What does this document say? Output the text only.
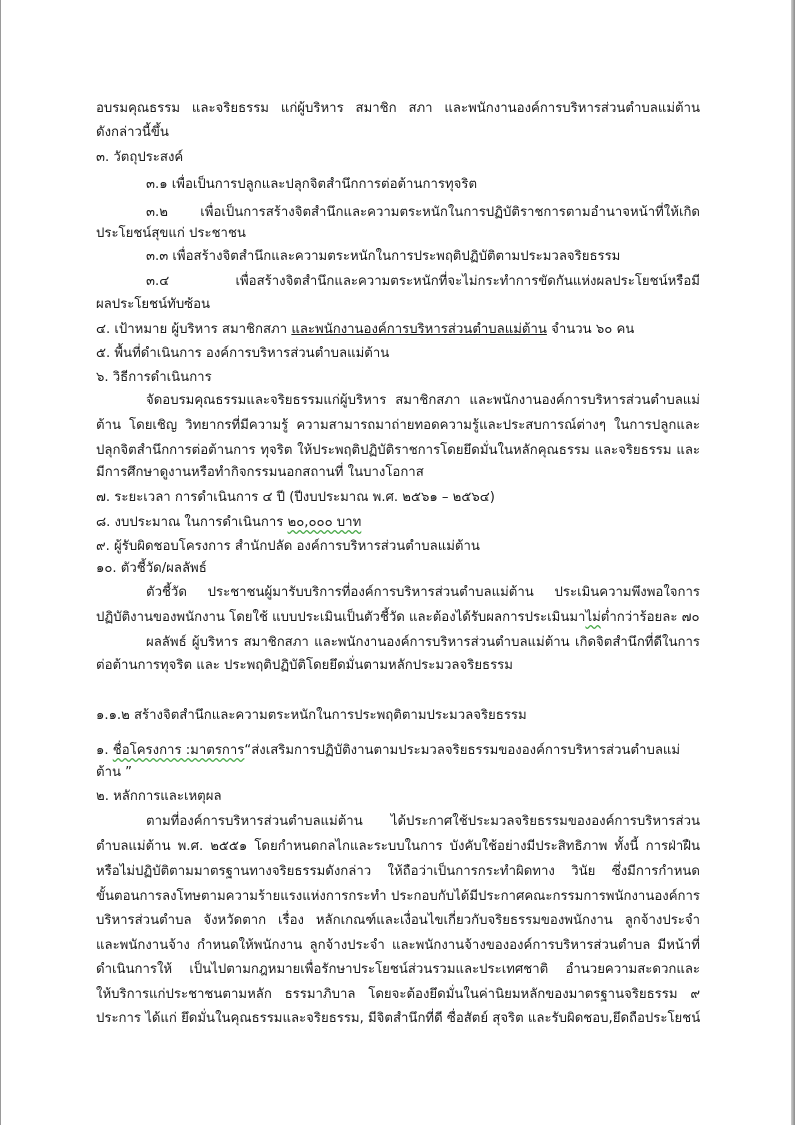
อบรมคุณธรรม และจริยธรรม แก่ผู้บริหาร สมาชิก สภา และพนักงานองค์การบริหารส่วนตำบลแม่ต้าน
ดังกล่าวนี้ขึ้น
๓. วัตถุประสงค์
๓.๑ เพื่อเป็นการปลูกและปลุกจิตสำนึกการต่อต้านการทุจริต
๓.๒ เพื่อเป็นการสร้างจิตสำนึกและความตระหนักในการปฏิบัติราชการตามอำนาจหน้าที่ให้เกิด
ประโยชน์สุขแก่ ประชาชน
๓.๓ เพื่อสร้างจิตสำนึกและความตระหนักในการประพฤติปฏิบัติตามประมวลจริยธรรม
๓.๔ เพื่อสร้างจิตสำนึกและความตระหนักที่จะไม่กระทำการขัดกันแห่งผลประโยชน์หรือมี
ผลประโยชน์ทับซ้อน
๔. เป้าหมาย ผู้บริหาร สมาชิกสภา และพนักงานองค์การบริหารส่วนตำบลแม่ต้าน จำนวน ๖๐ คน
๕. พื้นที่ดำเนินการ องค์การบริหารส่วนตำบลแม่ต้าน
๖. วิธีการดำเนินการ
จัดอบรมคุณธรรมและจริยธรรมแก่ผู้บริหาร สมาชิกสภา และพนักงานองค์การบริหารส่วนตำบลแม่
ต้าน โดยเชิญ วิทยากรที่มีความรู้ ความสามารถมาถ่ายทอดความรู้และประสบการณ์ต่างๆ ในการปลูกและ
ปลุกจิตสำนึกการต่อต้านการ ทุจริต ให้ประพฤติปฏิบัติราชการโดยยึดมั่นในหลักคุณธรรม และจริยธรรม และ
มีการศึกษาดูงานหรือทำกิจกรรมนอกสถานที่ ในบางโอกาส
๗. ระยะเวลา การดำเนินการ ๔ ปี (ปีงบประมาณ พ.ศ. ๒๕๖๑ – ๒๕๖๔)
๘. งบประมาณ ในการดำเนินการ ๒๐,๐๐๐ บาท
๙. ผู้รับผิดชอบโครงการ สำนักปลัด องค์การบริหารส่วนตำบลแม่ต้าน
๑๐. ตัวชี้วัด/ผลลัพธ์
ตัวชี้วัด ประชาชนผู้มารับบริการที่องค์การบริหารส่วนตำบลแม่ต้าน ประเมินความพึงพอใจการ
ปฏิบัติงานของพนักงาน โดยใช้ แบบประเมินเป็นตัวชี้วัด และต้องได้รับผลการประเมินมาไม่ต่ำกว่าร้อยละ ๗๐
ผลลัพธ์ ผู้บริหาร สมาชิกสภา และพนักงานองค์การบริหารส่วนตำบลแม่ต้าน เกิดจิตสำนึกที่ดีในการ
ต่อต้านการทุจริต และ ประพฤติปฏิบัติโดยยึดมั่นตามหลักประมวลจริยธรรม
๑.๑.๒ สร้างจิตสำนึกและความตระหนักในการประพฤติตามประมวลจริยธรรม
๑. ชื่อโครงการ :มาตรการ“ส่งเสริมการปฏิบัติงานตามประมวลจริยธรรมขององค์การบริหารส่วนตำบลแม่
ต้าน ”
๒. หลักการและเหตุผล
ตามที่องค์การบริหารส่วนตำบลแม่ต้าน ได้ประกาศใช้ประมวลจริยธรรมขององค์การบริหารส่วน
ตำบลแม่ต้าน พ.ศ. ๒๕๕๑ โดยกำหนดกลไกและระบบในการ บังคับใช้อย่างมีประสิทธิภาพ ทั้งนี้ การฝ่าฝืน
หรือไม่ปฏิบัติตามมาตรฐานทางจริยธรรมดังกล่าว ให้ถือว่าเป็นการกระทำผิดทาง วินัย ซึ่งมีการกำหนด
ขั้นตอนการลงโทษตามความร้ายแรงแห่งการกระทำ ประกอบกับได้มีประกาศคณะกรรมการพนักงานองค์การ
บริหารส่วนตำบล จังหวัดตาก เรื่อง หลักเกณฑ์และเงื่อนไขเกี่ยวกับจริยธรรมของพนักงาน ลูกจ้างประจำ
และพนักงานจ้าง กำหนดให้พนักงาน ลูกจ้างประจำ และพนักงานจ้างขององค์การบริหารส่วนตำบล มีหน้าที่
ดำเนินการให้ เป็นไปตามกฎหมายเพื่อรักษาประโยชน์ส่วนรวมและประเทศชาติ อำนวยความสะดวกและ
ให้บริการแก่ประชาชนตามหลัก ธรรมาภิบาล โดยจะต้องยึดมั่นในค่านิยมหลักของมาตรฐานจริยธรรม ๙
ประการ ได้แก่ ยึดมั่นในคุณธรรมและจริยธรรม, มีจิตสำนึกที่ดี ซื่อสัตย์ สุจริต และรับผิดชอบ,ยึดถือประโยชน์
